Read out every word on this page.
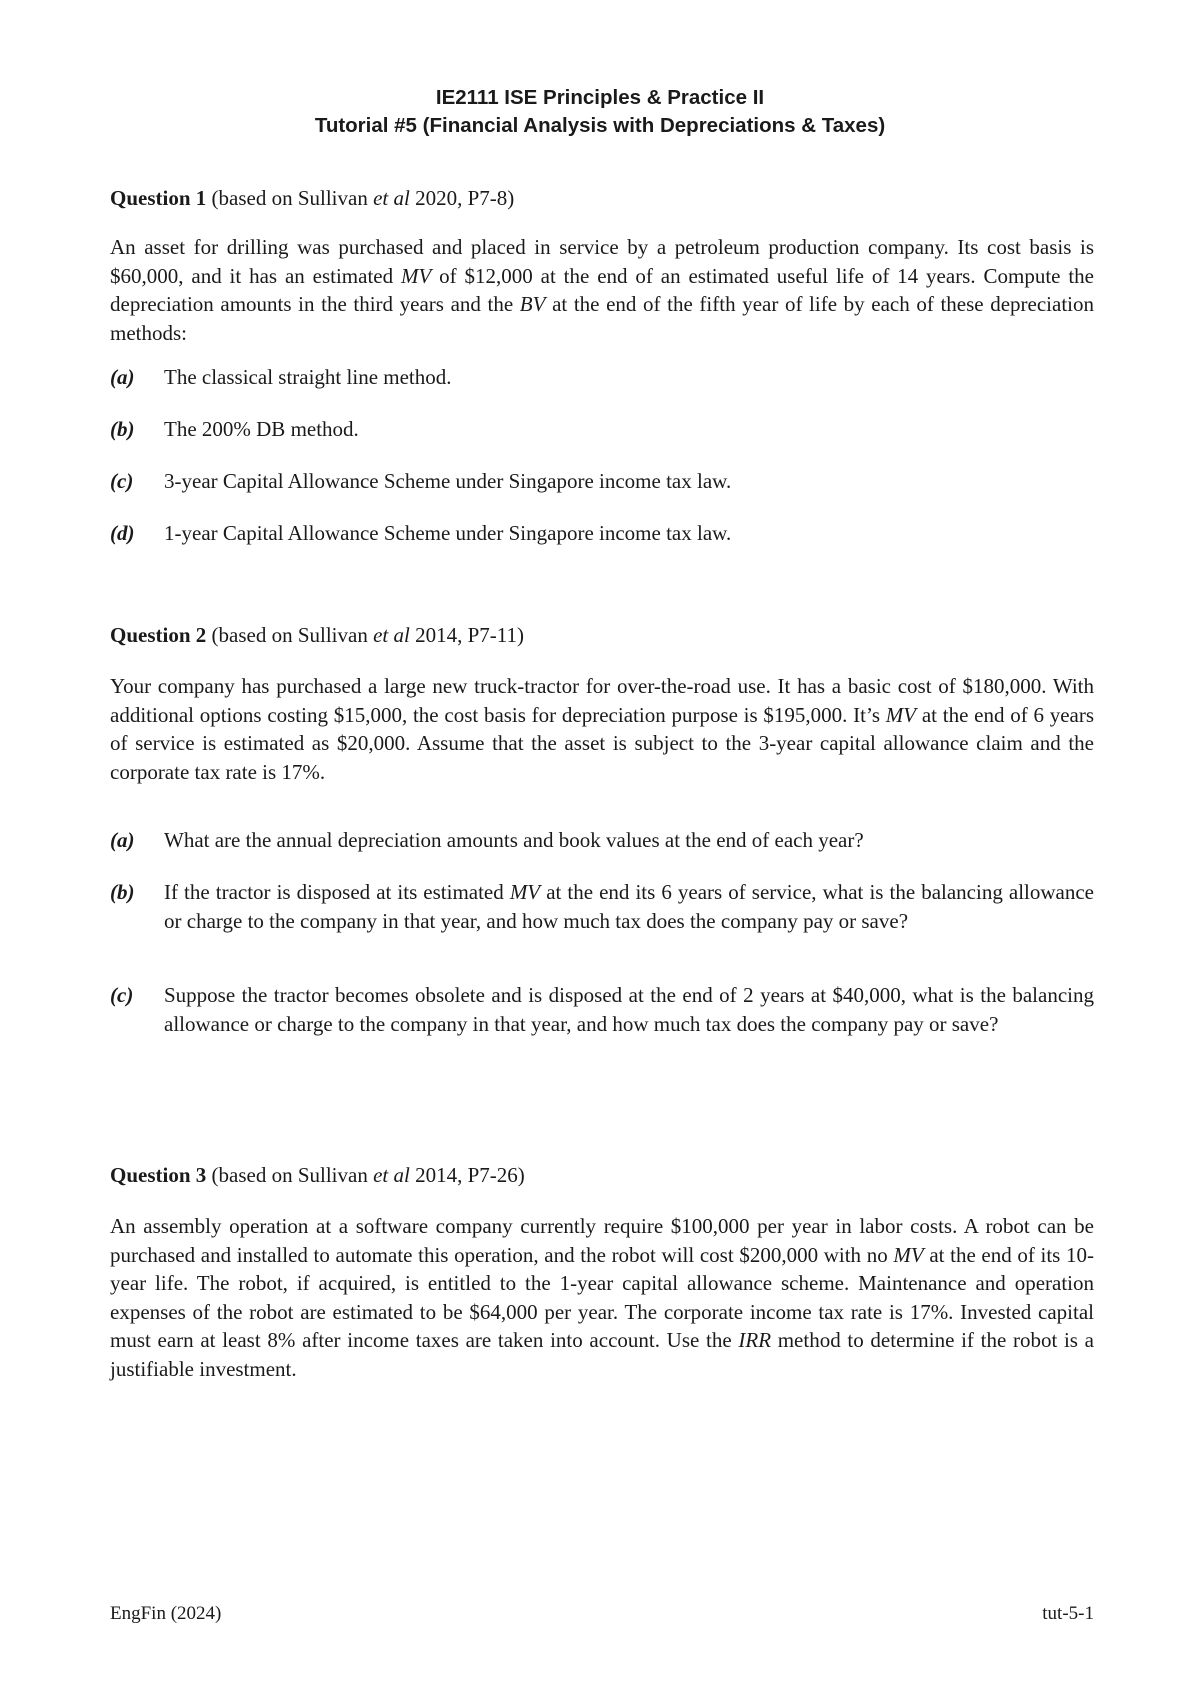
IE2111 ISE Principles & Practice II
Tutorial #5 (Financial Analysis with Depreciations & Taxes)
Question 1 (based on Sullivan et al 2020, P7-8)
An asset for drilling was purchased and placed in service by a petroleum production company. Its cost basis is $60,000, and it has an estimated MV of $12,000 at the end of an estimated useful life of 14 years. Compute the depreciation amounts in the third years and the BV at the end of the fifth year of life by each of these depreciation methods:
(a) The classical straight line method.
(b) The 200% DB method.
(c) 3-year Capital Allowance Scheme under Singapore income tax law.
(d) 1-year Capital Allowance Scheme under Singapore income tax law.
Question 2 (based on Sullivan et al 2014, P7-11)
Your company has purchased a large new truck-tractor for over-the-road use. It has a basic cost of $180,000. With additional options costing $15,000, the cost basis for depreciation purpose is $195,000. It’s MV at the end of 6 years of service is estimated as $20,000. Assume that the asset is subject to the 3-year capital allowance claim and the corporate tax rate is 17%.
(a) What are the annual depreciation amounts and book values at the end of each year?
(b) If the tractor is disposed at its estimated MV at the end its 6 years of service, what is the balancing allowance or charge to the company in that year, and how much tax does the company pay or save?
(c) Suppose the tractor becomes obsolete and is disposed at the end of 2 years at $40,000, what is the balancing allowance or charge to the company in that year, and how much tax does the company pay or save?
Question 3 (based on Sullivan et al 2014, P7-26)
An assembly operation at a software company currently require $100,000 per year in labor costs. A robot can be purchased and installed to automate this operation, and the robot will cost $200,000 with no MV at the end of its 10-year life. The robot, if acquired, is entitled to the 1-year capital allowance scheme. Maintenance and operation expenses of the robot are estimated to be $64,000 per year. The corporate income tax rate is 17%. Invested capital must earn at least 8% after income taxes are taken into account. Use the IRR method to determine if the robot is a justifiable investment.
EngFin (2024)	tut-5-1
